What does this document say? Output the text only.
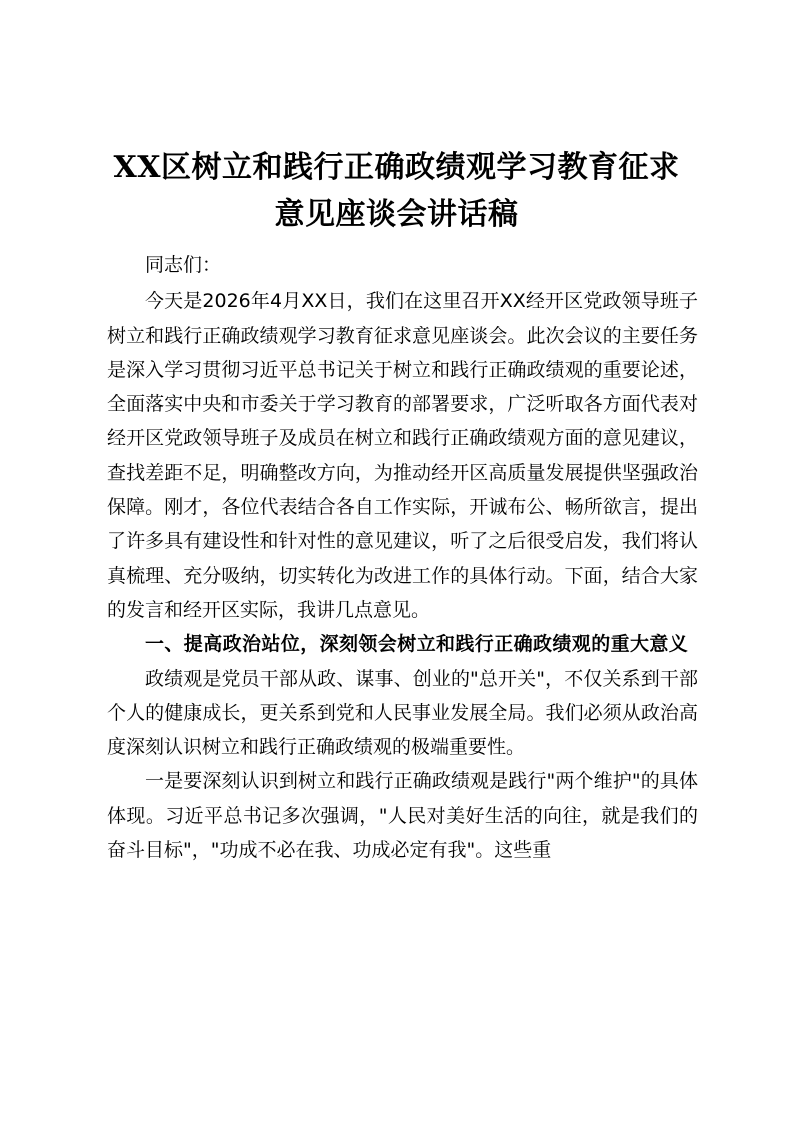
XX区树立和践行正确政绩观学习教育征求意见座谈会讲话稿

同志们：

今天是2026年4月XX日，我们在这里召开XX经开区党政领导班子树立和践行正确政绩观学习教育征求意见座谈会。此次会议的主要任务是深入学习贯彻习近平总书记关于树立和践行正确政绩观的重要论述，全面落实中央和市委关于学习教育的部署要求，广泛听取各方面代表对经开区党政领导班子及成员在树立和践行正确政绩观方面的意见建议，查找差距不足，明确整改方向，为推动经开区高质量发展提供坚强政治保障。刚才，各位代表结合各自工作实际，开诚布公、畅所欲言，提出了许多具有建设性和针对性的意见建议，听了之后很受启发，我们将认真梳理、充分吸纳，切实转化为改进工作的具体行动。下面，结合大家的发言和经开区实际，我讲几点意见。

一、提高政治站位，深刻领会树立和践行正确政绩观的重大意义

政绩观是党员干部从政、谋事、创业的"总开关"，不仅关系到干部个人的健康成长，更关系到党和人民事业发展全局。我们必须从政治高度深刻认识树立和践行正确政绩观的极端重要性。

一是要深刻认识到树立和践行正确政绩观是践行"两个维护"的具体体现。习近平总书记多次强调，"人民对美好生活的向往，就是我们的奋斗目标"，"功成不必在我、功成必定有我"。这些重
